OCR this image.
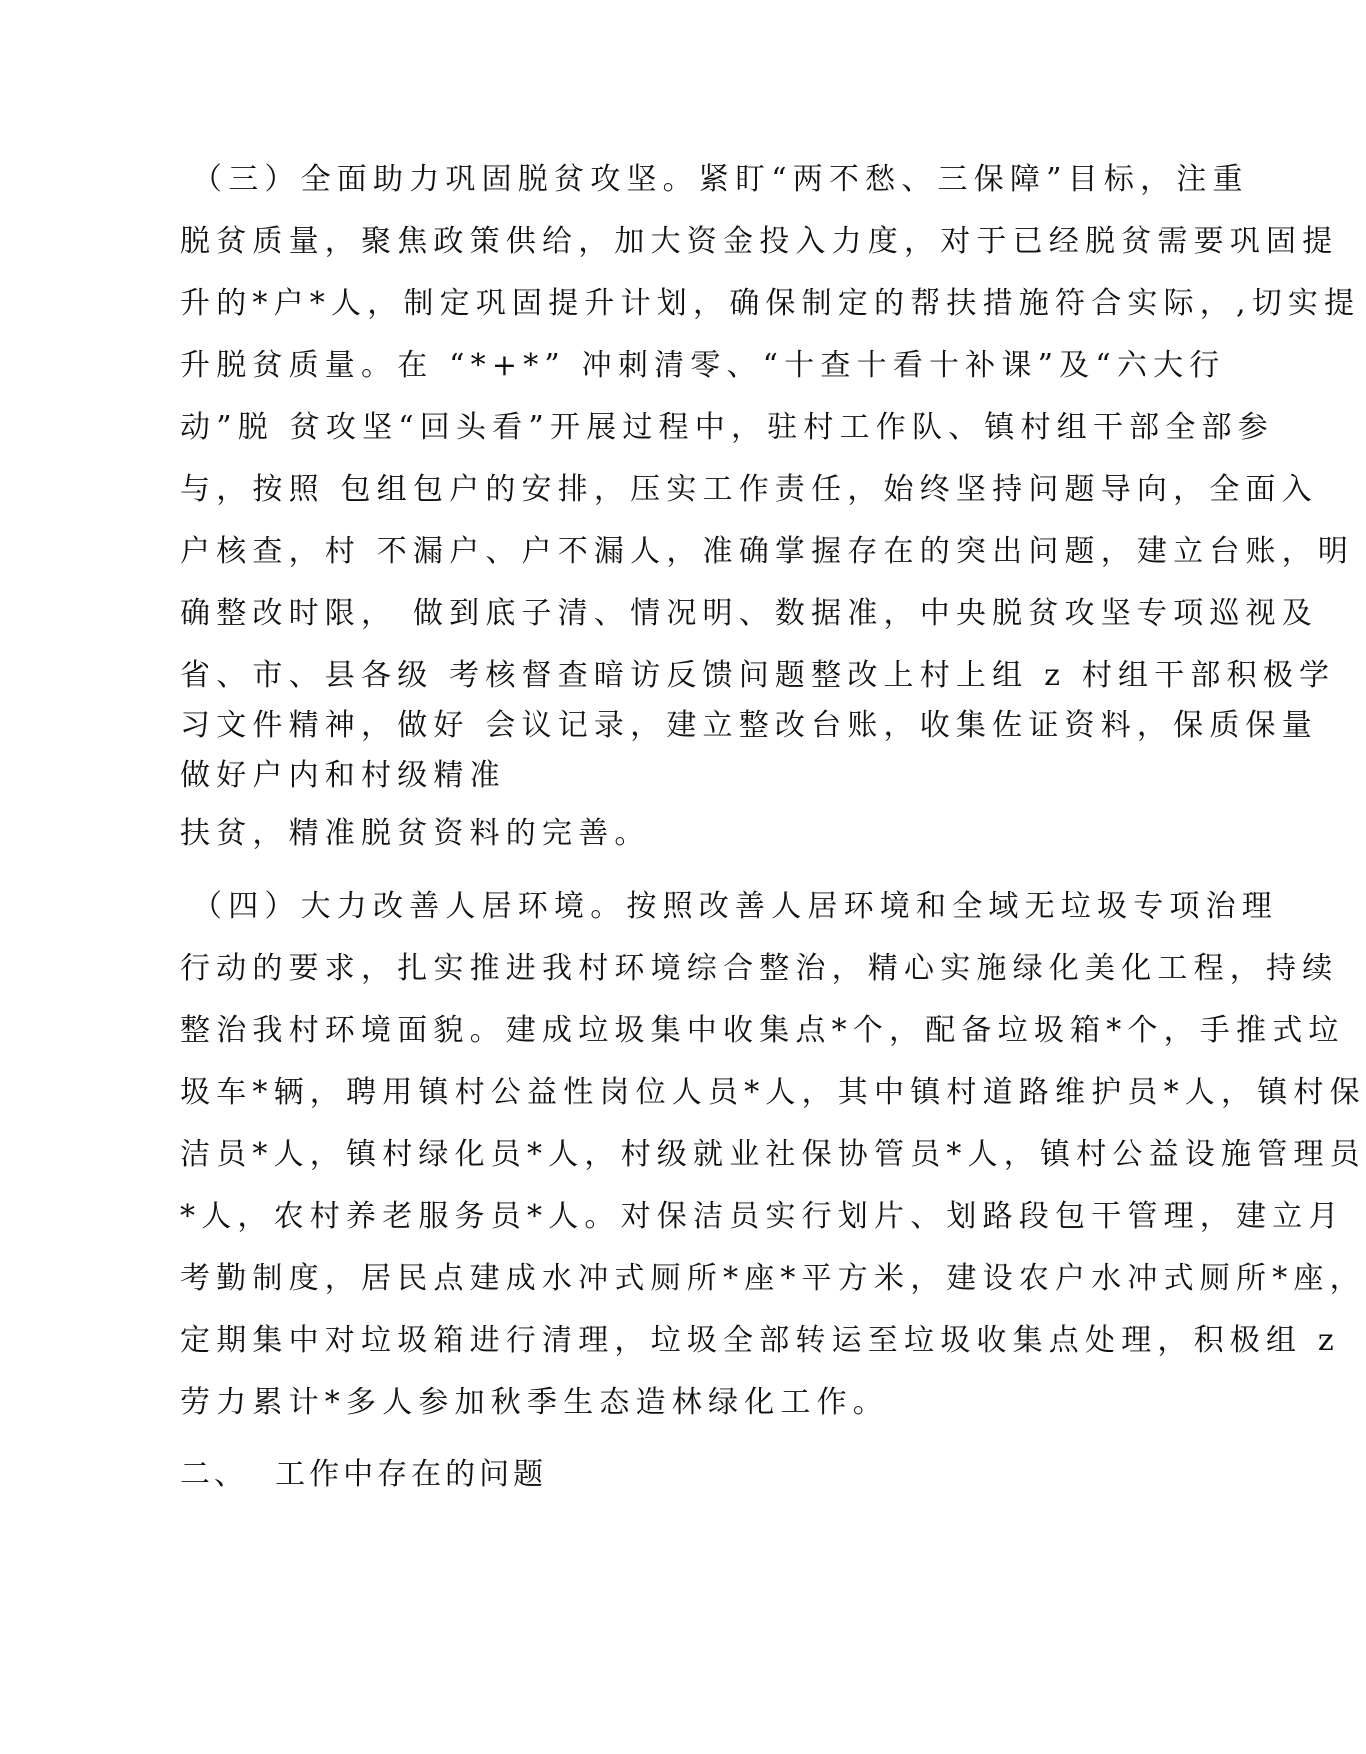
（三）全面助力巩固脱贫攻坚。紧盯“两不愁、三保障”目标，注重
脱贫质量，聚焦政策供给，加大资金投入力度，对于已经脱贫需要巩固提
升的*户*人，制定巩固提升计划，确保制定的帮扶措施符合实际，,切实提
升脱贫质量。在 “*+*” 冲刺清零、“十查十看十补课”及“六大行
动”脱 贫攻坚“回头看”开展过程中，驻村工作队、镇村组干部全部参
与，按照 包组包户的安排，压实工作责任，始终坚持问题导向，全面入
户核查，村 不漏户、户不漏人，准确掌握存在的突出问题，建立台账，明
确整改时限， 做到底子清、情况明、数据准，中央脱贫攻坚专项巡视及
省、市、县各级 考核督查暗访反馈问题整改上村上组 z 村组干部积极学
习文件精神，做好 会议记录，建立整改台账，收集佐证资料，保质保量
做好户内和村级精准
扶贫，精准脱贫资料的完善。
（四）大力改善人居环境。按照改善人居环境和全域无垃圾专项治理
行动的要求，扎实推进我村环境综合整治，精心实施绿化美化工程，持续
整治我村环境面貌。建成垃圾集中收集点*个，配备垃圾箱*个，手推式垃
圾车*辆，聘用镇村公益性岗位人员*人，其中镇村道路维护员*人，镇村保
洁员*人，镇村绿化员*人，村级就业社保协管员*人，镇村公益设施管理员
*人，农村养老服务员*人。对保洁员实行划片、划路段包干管理，建立月
考勤制度，居民点建成水冲式厕所*座*平方米，建设农户水冲式厕所*座，
定期集中对垃圾箱进行清理，垃圾全部转运至垃圾收集点处理，积极组 z
劳力累计*多人参加秋季生态造林绿化工作。
二、  工作中存在的问题
